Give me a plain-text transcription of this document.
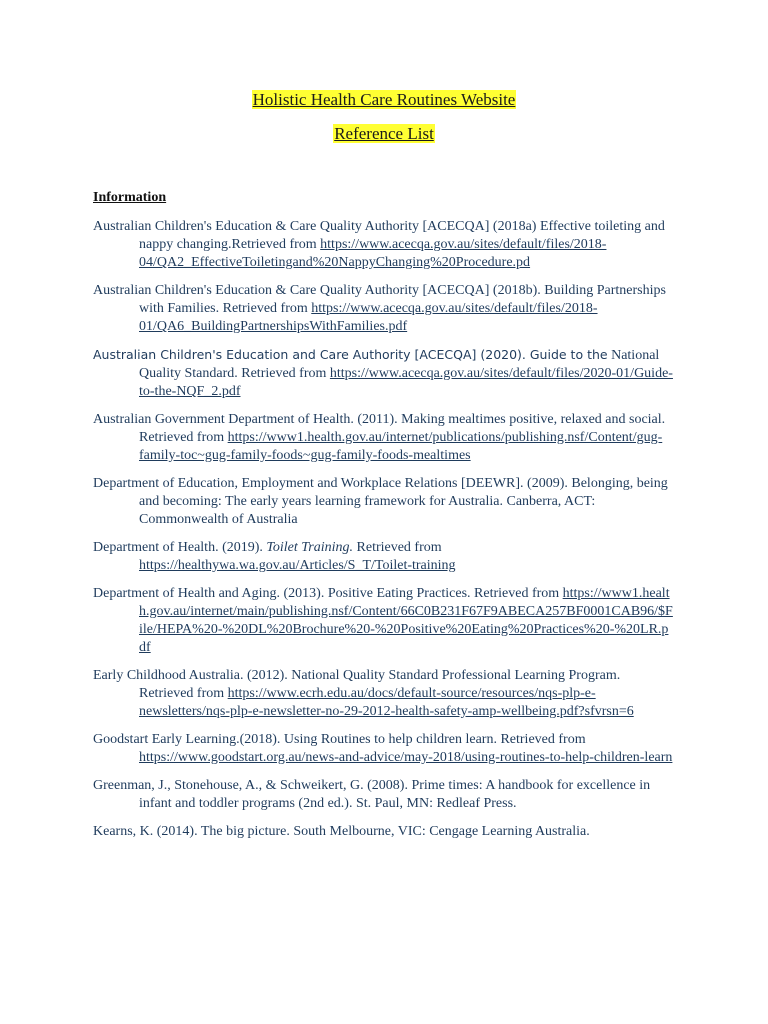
Holistic Health Care Routines Website
Reference List
Information
Australian Children's Education & Care Quality Authority [ACECQA] (2018a) Effective toileting and nappy changing.Retrieved from https://www.acecqa.gov.au/sites/default/files/2018-04/QA2_EffectiveToiletingand%20NappyChanging%20Procedure.pd
Australian Children's Education & Care Quality Authority [ACECQA] (2018b). Building Partnerships with Families. Retrieved from https://www.acecqa.gov.au/sites/default/files/2018-01/QA6_BuildingPartnershipsWithFamilies.pdf
Australian Children's Education and Care Authority [ACECQA] (2020). Guide to the National Quality Standard. Retrieved from https://www.acecqa.gov.au/sites/default/files/2020-01/Guide-to-the-NQF_2.pdf
Australian Government Department of Health. (2011). Making mealtimes positive, relaxed and social. Retrieved from https://www1.health.gov.au/internet/publications/publishing.nsf/Content/gug-family-toc~gug-family-foods~gug-family-foods-mealtimes
Department of Education, Employment and Workplace Relations [DEEWR]. (2009). Belonging, being and becoming: The early years learning framework for Australia. Canberra, ACT: Commonwealth of Australia
Department of Health. (2019). Toilet Training. Retrieved from https://healthywa.wa.gov.au/Articles/S_T/Toilet-training
Department of Health and Aging. (2013). Positive Eating Practices. Retrieved from https://www1.health.gov.au/internet/main/publishing.nsf/Content/66C0B231F67F9ABECA257BF0001CAB96/$File/HEPA%20-%20DL%20Brochure%20-%20Positive%20Eating%20Practices%20-%20LR.pdf
Early Childhood Australia. (2012). National Quality Standard Professional Learning Program. Retrieved from https://www.ecrh.edu.au/docs/default-source/resources/nqs-plp-e-newsletters/nqs-plp-e-newsletter-no-29-2012-health-safety-amp-wellbeing.pdf?sfvrsn=6
Goodstart Early Learning.(2018). Using Routines to help children learn. Retrieved from https://www.goodstart.org.au/news-and-advice/may-2018/using-routines-to-help-children-learn
Greenman, J., Stonehouse, A., & Schweikert, G. (2008). Prime times: A handbook for excellence in infant and toddler programs (2nd ed.). St. Paul, MN: Redleaf Press.
Kearns, K. (2014). The big picture. South Melbourne, VIC: Cengage Learning Australia.
